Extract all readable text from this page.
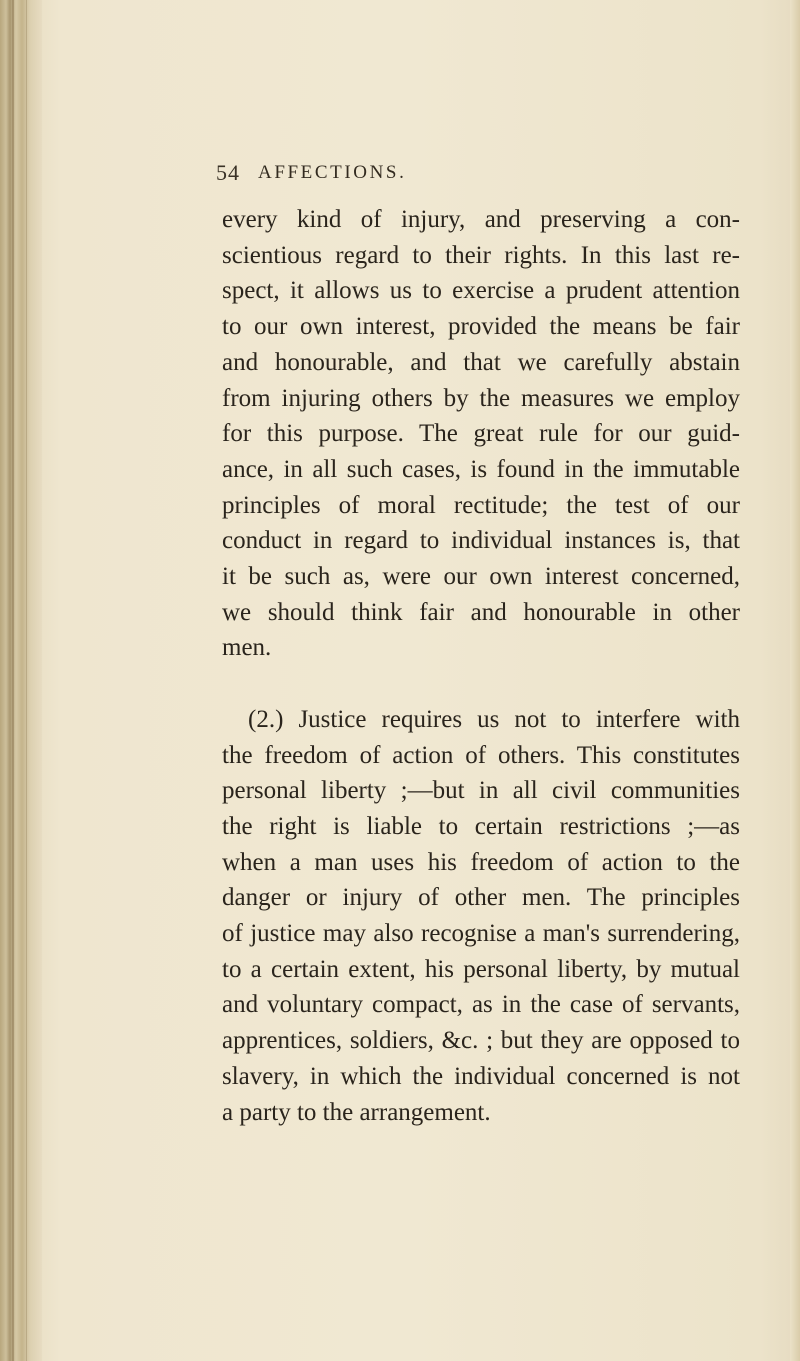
54 AFFECTIONS.
every kind of injury, and preserving a con-
scientious regard to their rights. In this last re-
spect, it allows us to exercise a prudent attention
to our own interest, provided the means be fair
and honourable, and that we carefully abstain
from injuring others by the measures we employ
for this purpose. The great rule for our guid-
ance, in all such cases, is found in the immutable
principles of moral rectitude; the test of our
conduct in regard to individual instances is, that
it be such as, were our own interest concerned,
we should think fair and honourable in other
men.
(2.) Justice requires us not to interfere with
the freedom of action of others. This constitutes
personal liberty ;—but in all civil communities
the right is liable to certain restrictions ;—as
when a man uses his freedom of action to the
danger or injury of other men. The principles
of justice may also recognise a man's surrendering,
to a certain extent, his personal liberty, by mutual
and voluntary compact, as in the case of servants,
apprentices, soldiers, &c. ; but they are opposed to
slavery, in which the individual concerned is not
a party to the arrangement.
